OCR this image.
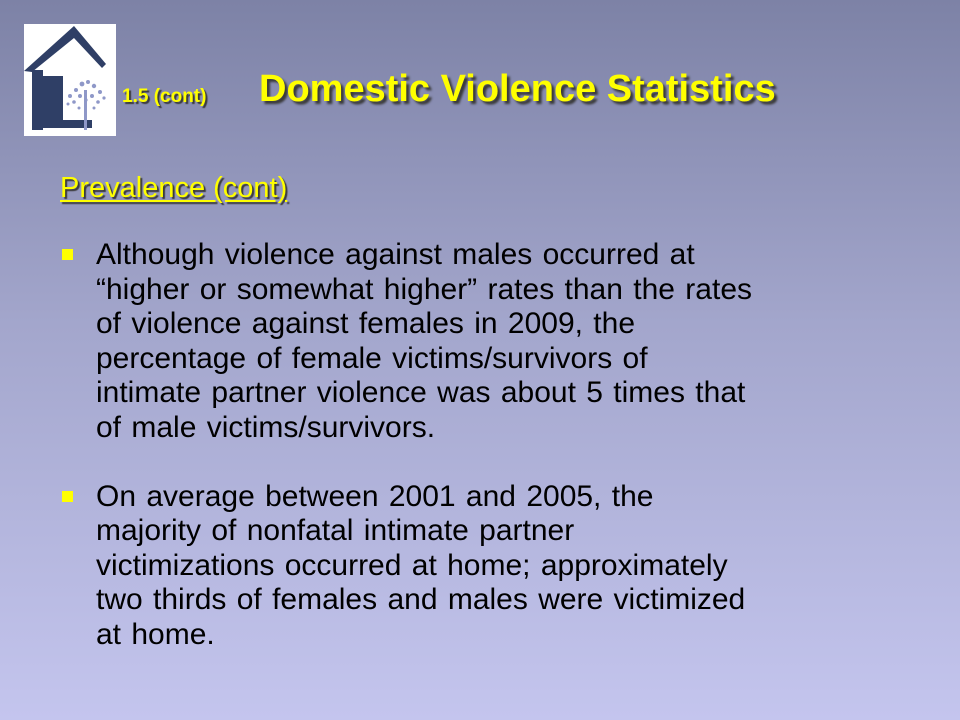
1.5 (cont) Domestic Violence Statistics
Prevalence (cont)
Although violence against males occurred at
“higher or somewhat higher” rates than the rates
of violence against females in 2009, the
percentage of female victims/survivors of
intimate partner violence was about 5 times that
of male victims/survivors.
On average between 2001 and 2005, the
majority of nonfatal intimate partner
victimizations occurred at home; approximately
two thirds of females and males were victimized
at home.
